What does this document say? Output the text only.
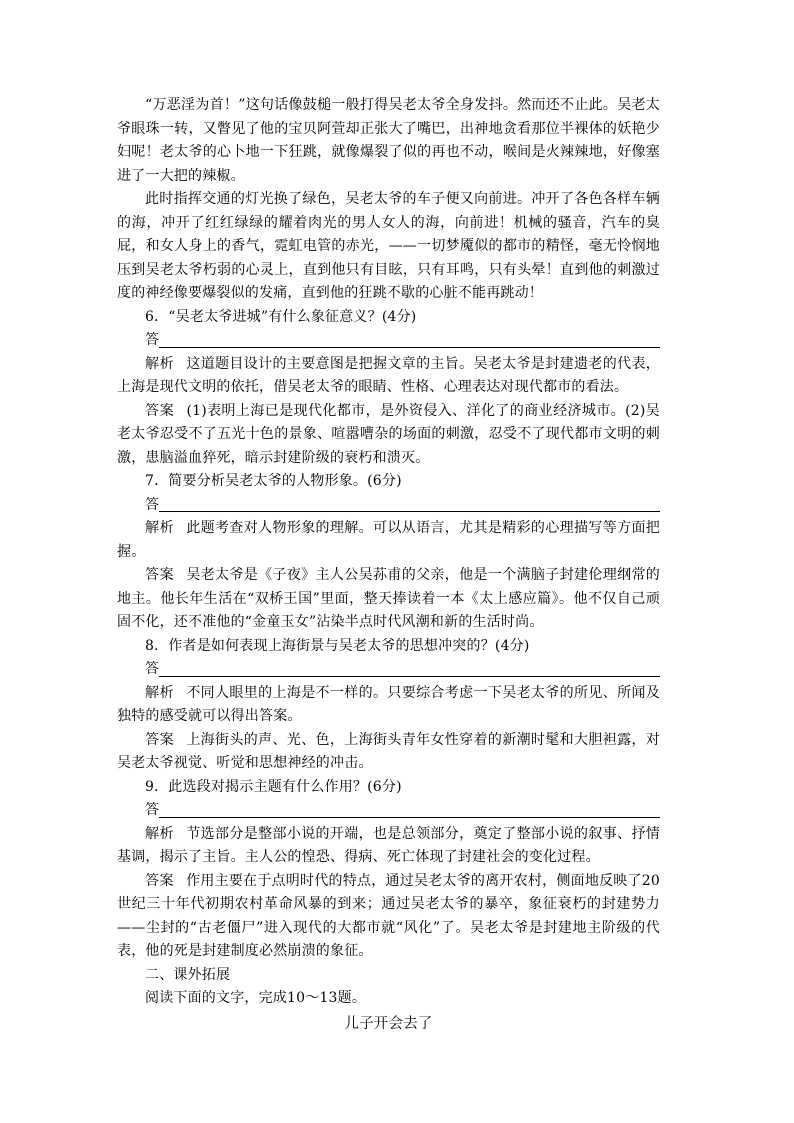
“万恶淫为首！”这句话像鼓槌一般打得吴老太爷全身发抖。然而还不止此。吴老太爷眼珠一转，又瞥见了他的宝贝阿萱却正张大了嘴巴，出神地贪看那位半裸体的妖艳少妇呢！老太爷的心卜地一下狂跳，就像爆裂了似的再也不动，喉间是火辣辣地，好像塞进了一大把的辣椒。

此时指挥交通的灯光换了绿色，吴老太爷的车子便又向前进。冲开了各色各样车辆的海，冲开了红红绿绿的耀着肉光的男人女人的海，向前进！机械的骚音，汽车的臭屁，和女人身上的香气，霓虹电管的赤光，——一切梦魇似的都市的精怪，毫无怜悯地压到吴老太爷朽弱的心灵上，直到他只有目眩，只有耳鸣，只有头晕！直到他的刺激过度的神经像要爆裂似的发痛，直到他的狂跳不歇的心脏不能再跳动！

6．“吴老太爷进城”有什么象征意义？(4分)

答

解析 这道题目设计的主要意图是把握文章的主旨。吴老太爷是封建遗老的代表，上海是现代文明的依托，借吴老太爷的眼睛、性格、心理表达对现代都市的看法。

答案 (1)表明上海已是现代化都市，是外资侵入、洋化了的商业经济城市。(2)吴老太爷忍受不了五光十色的景象、喧嚣嘈杂的场面的刺激，忍受不了现代都市文明的刺激，患脑溢血猝死，暗示封建阶级的衰朽和溃灭。

7．简要分析吴老太爷的人物形象。(6分)

答

解析 此题考查对人物形象的理解。可以从语言，尤其是精彩的心理描写等方面把握。

答案 吴老太爷是《子夜》主人公吴荪甫的父亲，他是一个满脑子封建伦理纲常的地主。他长年生活在“双桥王国”里面，整天捧读着一本《太上感应篇》。他不仅自己顽固不化，还不准他的“金童玉女”沾染半点时代风潮和新的生活时尚。

8．作者是如何表现上海街景与吴老太爷的思想冲突的？(4分)

答

解析 不同人眼里的上海是不一样的。只要综合考虑一下吴老太爷的所见、所闻及独特的感受就可以得出答案。

答案 上海街头的声、光、色，上海街头青年女性穿着的新潮时髦和大胆袒露，对吴老太爷视觉、听觉和思想神经的冲击。

9．此选段对揭示主题有什么作用？(6分)

答

解析 节选部分是整部小说的开端，也是总领部分，奠定了整部小说的叙事、抒情基调，揭示了主旨。主人公的惶恐、得病、死亡体现了封建社会的变化过程。

答案 作用主要在于点明时代的特点，通过吴老太爷的离开农村，侧面地反映了20世纪三十年代初期农村革命风暴的到来；通过吴老太爷的暴卒，象征衰朽的封建势力——尘封的“古老僵尸”进入现代的大都市就“风化”了。吴老太爷是封建地主阶级的代表，他的死是封建制度必然崩溃的象征。

二、课外拓展

阅读下面的文字，完成10～13题。

儿子开会去了
